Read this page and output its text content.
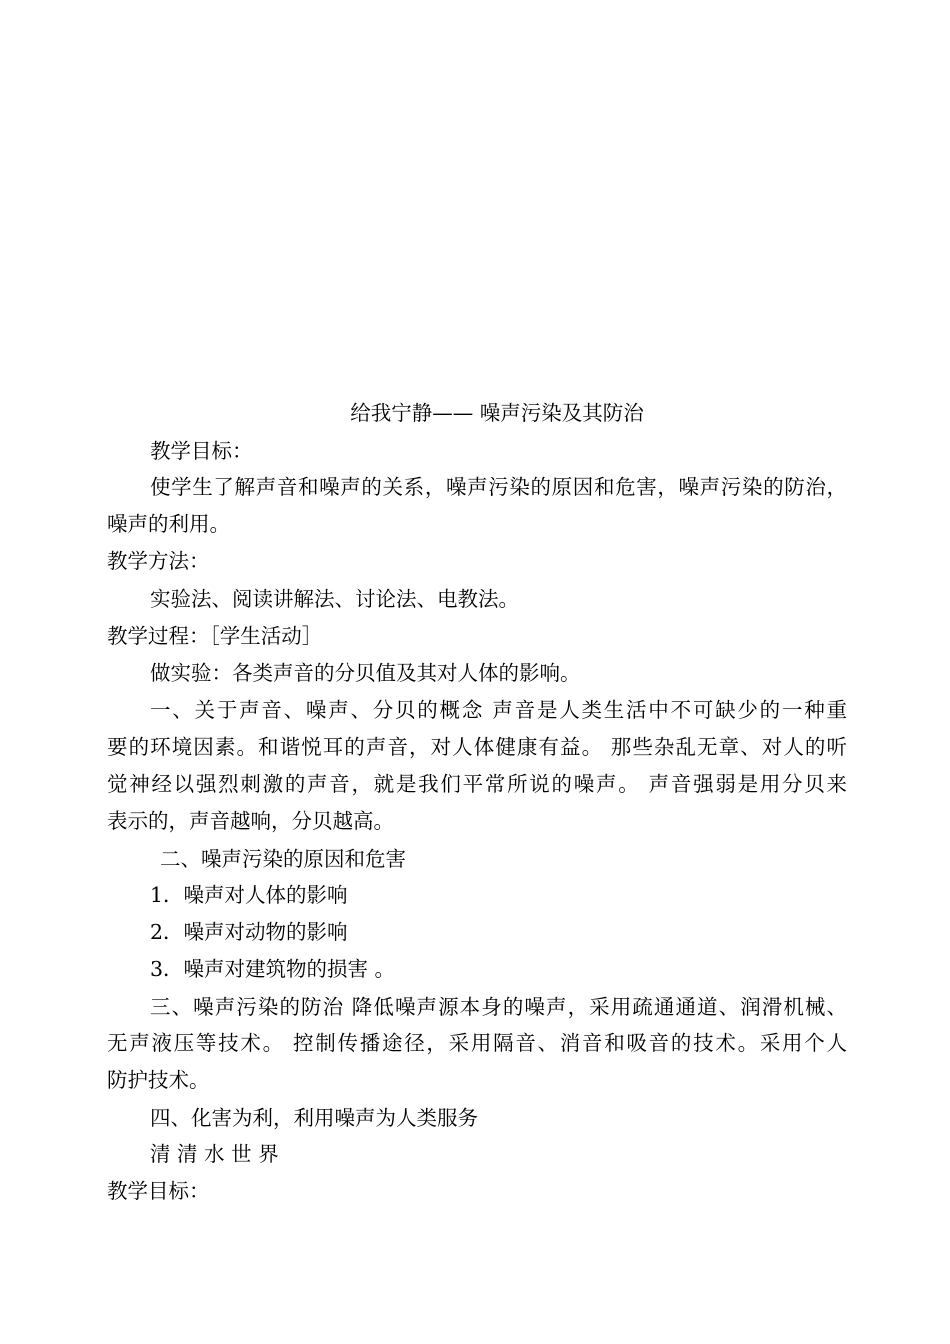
给我宁静—— 噪声污染及其防治
教学目标：
使学生了解声音和噪声的关系，噪声污染的原因和危害，噪声污染的防治，
噪声的利用。
教学方法：
实验法、阅读讲解法、讨论法、电教法。
教学过程：［学生活动］
做实验：各类声音的分贝值及其对人体的影响。
一、关于声音、噪声、分贝的概念 声音是人类生活中不可缺少的一种重
要的环境因素。和谐悦耳的声音，对人体健康有益。 那些杂乱无章、对人的听
觉神经以强烈刺激的声音，就是我们平常所说的噪声。 声音强弱是用分贝来
表示的，声音越响，分贝越高。
二、噪声污染的原因和危害
1．噪声对人体的影响
2．噪声对动物的影响
3．噪声对建筑物的损害 。
三、噪声污染的防治 降低噪声源本身的噪声，采用疏通通道、润滑机械、
无声液压等技术。 控制传播途径，采用隔音、消音和吸音的技术。采用个人
防护技术。
四、化害为利，利用噪声为人类服务
清 清 水 世 界
教学目标：
